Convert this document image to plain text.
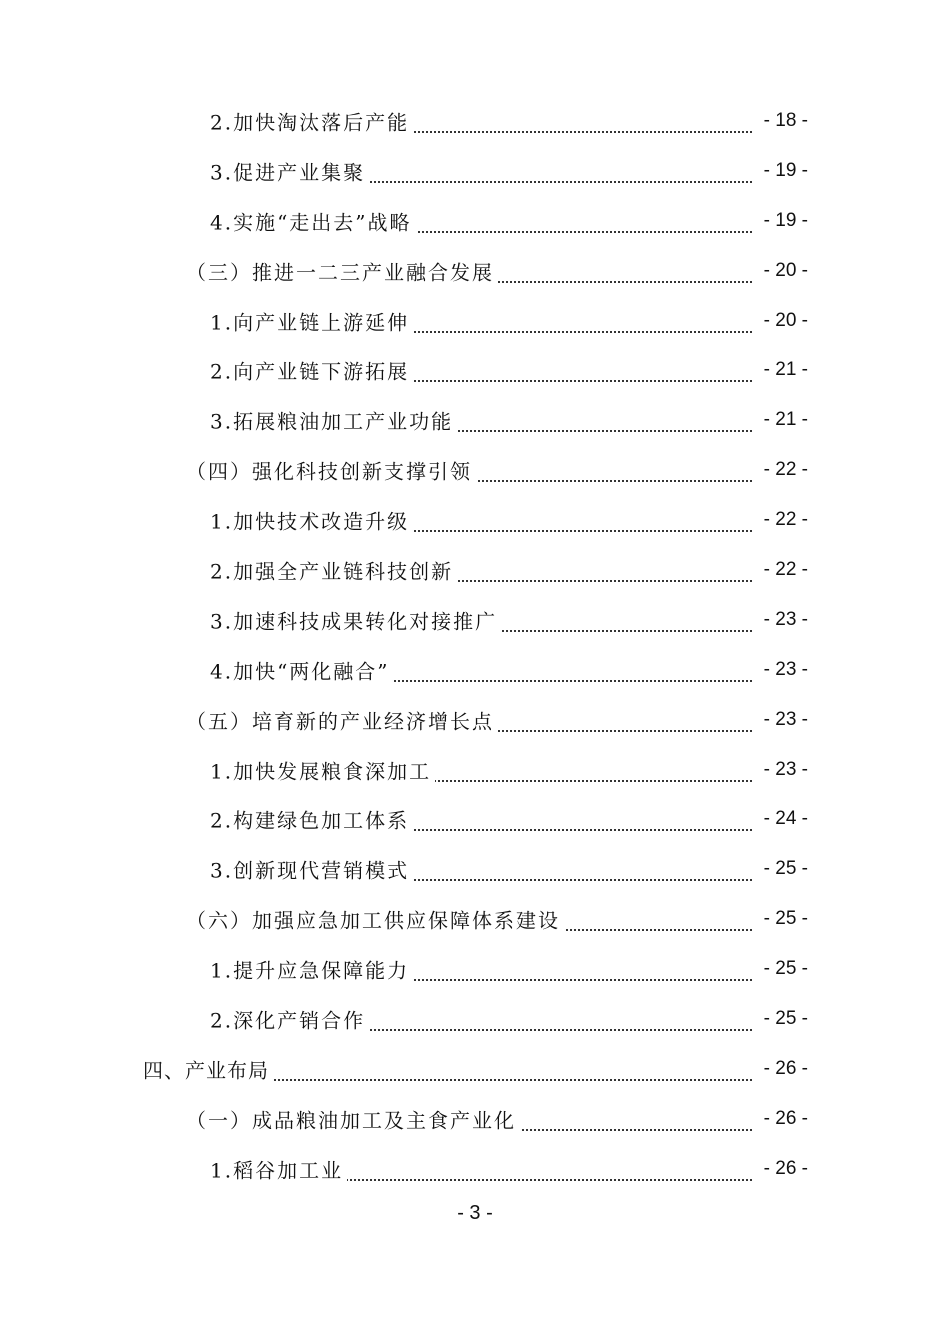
2.加快淘汰落后产能	- 18 -
3.促进产业集聚	- 19 -
4.实施“走出去”战略	- 19 -
（三）推进一二三产业融合发展	- 20 -
1.向产业链上游延伸	- 20 -
2.向产业链下游拓展	- 21 -
3.拓展粮油加工产业功能	- 21 -
（四）强化科技创新支撑引领	- 22 -
1.加快技术改造升级	- 22 -
2.加强全产业链科技创新	- 22 -
3.加速科技成果转化对接推广	- 23 -
4.加快“两化融合”	- 23 -
（五）培育新的产业经济增长点	- 23 -
1.加快发展粮食深加工	- 23 -
2.构建绿色加工体系	- 24 -
3.创新现代营销模式	- 25 -
（六）加强应急加工供应保障体系建设	- 25 -
1.提升应急保障能力	- 25 -
2.深化产销合作	- 25 -
四、产业布局	- 26 -
（一）成品粮油加工及主食产业化	- 26 -
1.稻谷加工业	- 26 -
- 3 -
